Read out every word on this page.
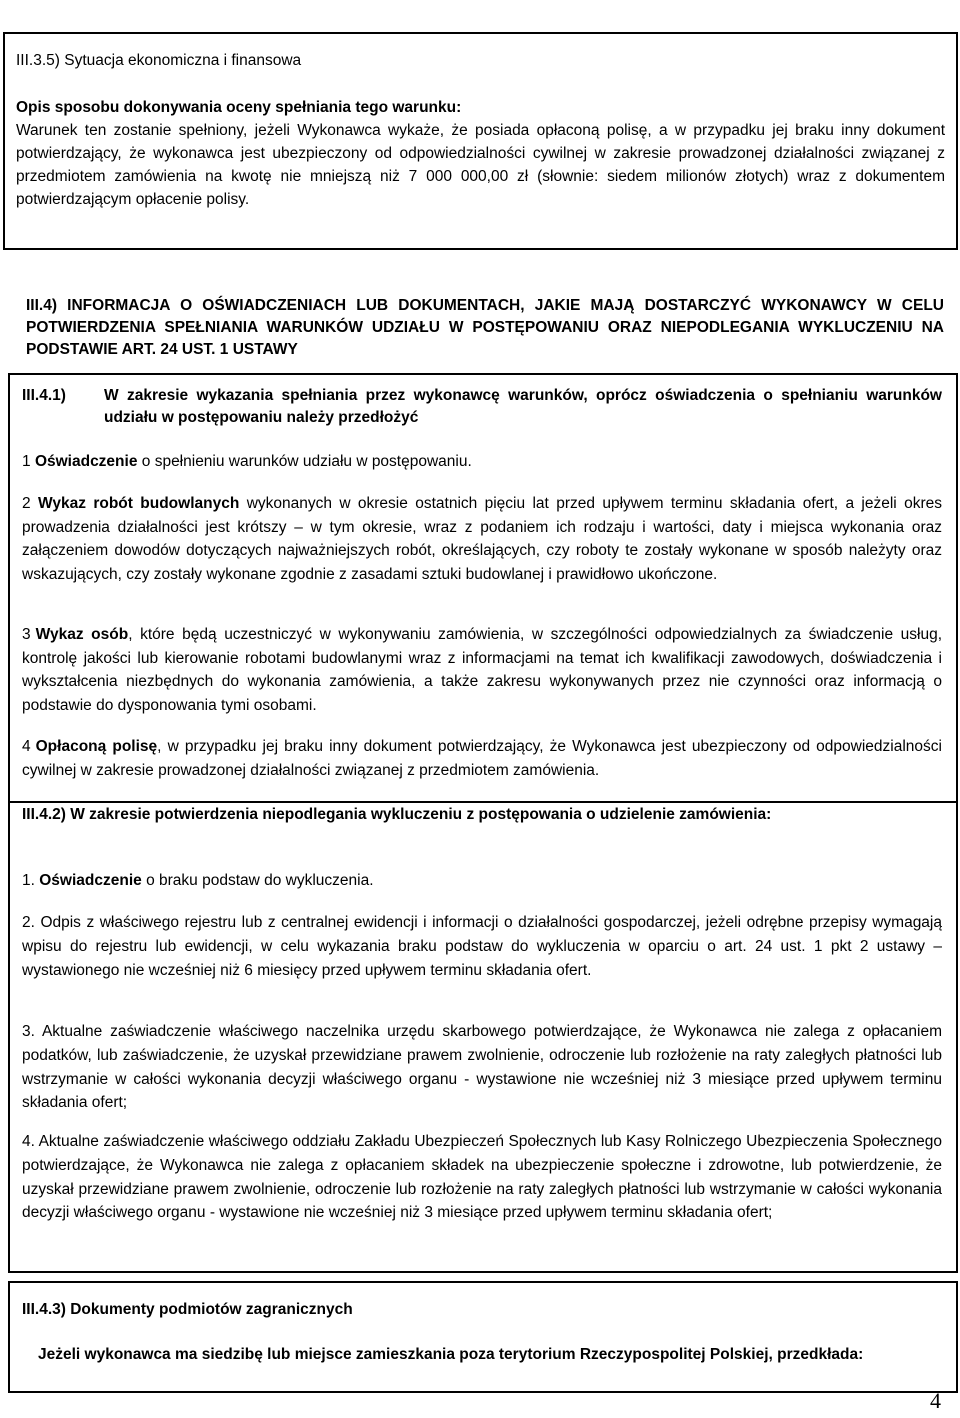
III.3.5) Sytuacja ekonomiczna i finansowa
Opis sposobu dokonywania oceny spełniania tego warunku:
Warunek ten zostanie spełniony, jeżeli Wykonawca wykaże, że posiada opłaconą polisę, a w przypadku jej braku inny dokument potwierdzający, że wykonawca jest ubezpieczony od odpowiedzialności cywilnej w zakresie prowadzonej działalności związanej z przedmiotem zamówienia na kwotę nie mniejszą niż 7 000 000,00 zł (słownie: siedem milionów złotych) wraz z dokumentem potwierdzającym opłacenie polisy.
III.4) INFORMACJA O OŚWIADCZENIACH LUB DOKUMENTACH, JAKIE MAJĄ DOSTARCZYĆ WYKONAWCY W CELU POTWIERDZENIA SPEŁNIANIA WARUNKÓW UDZIAŁU W POSTĘPOWANIU ORAZ NIEPODLEGANIA WYKLUCZENIU NA PODSTAWIE ART. 24 UST. 1 USTAWY
III.4.1) W zakresie wykazania spełniania przez wykonawcę warunków, oprócz oświadczenia o spełnianiu warunków udziału w postępowaniu należy przedłożyć
1 Oświadczenie o spełnieniu warunków udziału w postępowaniu.
2 Wykaz robót budowlanych wykonanych w okresie ostatnich pięciu lat przed upływem terminu składania ofert, a jeżeli okres prowadzenia działalności jest krótszy – w tym okresie, wraz z podaniem ich rodzaju i wartości, daty i miejsca wykonania oraz załączeniem dowodów dotyczących najważniejszych robót, określających, czy roboty te zostały wykonane w sposób należyty oraz wskazujących, czy zostały wykonane zgodnie z zasadami sztuki budowlanej i prawidłowo ukończone.
3 Wykaz osób, które będą uczestniczyć w wykonywaniu zamówienia, w szczególności odpowiedzialnych za świadczenie usług, kontrolę jakości lub kierowanie robotami budowlanymi wraz z informacjami na temat ich kwalifikacji zawodowych, doświadczenia i wykształcenia niezbędnych do wykonania zamówienia, a także zakresu wykonywanych przez nie czynności oraz informacją o podstawie do dysponowania tymi osobami.
4 Opłaconą polisę, w przypadku jej braku inny dokument potwierdzający, że Wykonawca jest ubezpieczony od odpowiedzialności cywilnej w zakresie prowadzonej działalności związanej z przedmiotem zamówienia.
III.4.2) W zakresie potwierdzenia niepodlegania wykluczeniu z postępowania o udzielenie zamówienia:
1. Oświadczenie o braku podstaw do wykluczenia.
2. Odpis z właściwego rejestru lub z centralnej ewidencji i informacji o działalności gospodarczej, jeżeli odrębne przepisy wymagają wpisu do rejestru lub ewidencji, w celu wykazania braku podstaw do wykluczenia w oparciu o art. 24 ust. 1 pkt 2 ustawy – wystawionego nie wcześniej niż 6 miesięcy przed upływem terminu składania ofert.
3. Aktualne zaświadczenie właściwego naczelnika urzędu skarbowego potwierdzające, że Wykonawca nie zalega z opłacaniem podatków, lub zaświadczenie, że uzyskał przewidziane prawem zwolnienie, odroczenie lub rozłożenie na raty zaległych płatności lub wstrzymanie w całości wykonania decyzji właściwego organu - wystawione nie wcześniej niż 3 miesiące przed upływem terminu składania ofert;
4. Aktualne zaświadczenie właściwego oddziału Zakładu Ubezpieczeń Społecznych lub Kasy Rolniczego Ubezpieczenia Społecznego potwierdzające, że Wykonawca nie zalega z opłacaniem składek na ubezpieczenie społeczne i zdrowotne, lub potwierdzenie, że uzyskał przewidziane prawem zwolnienie, odroczenie lub rozłożenie na raty zaległych płatności lub wstrzymanie w całości wykonania decyzji właściwego organu - wystawione nie wcześniej niż 3 miesiące przed upływem terminu składania ofert;
III.4.3) Dokumenty podmiotów zagranicznych
Jeżeli wykonawca ma siedzibę lub miejsce zamieszkania poza terytorium Rzeczypospolitej Polskiej, przedkłada:
4
